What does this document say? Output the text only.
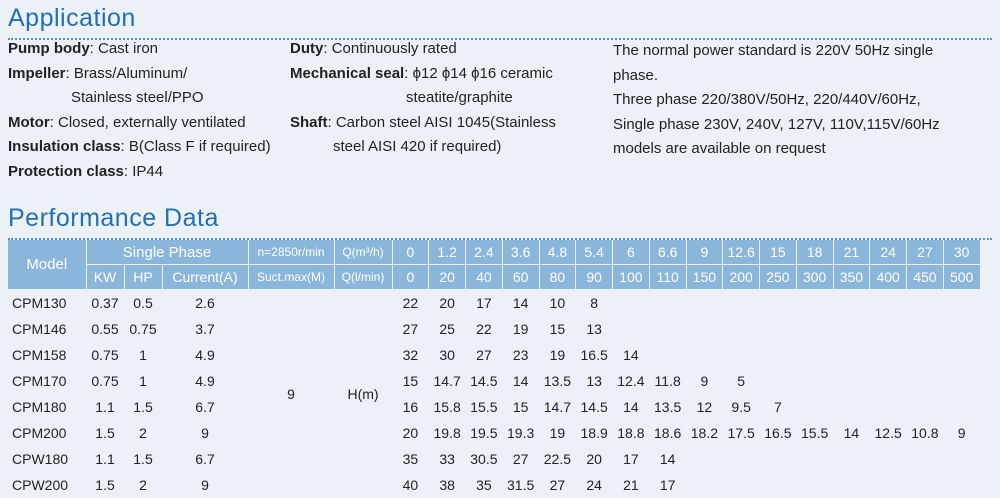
Application
Pump body: Cast iron
Impeller: Brass/Aluminum/
Stainless steel/PPO
Motor: Closed, externally ventilated
Insulation class: B(Class F if required)
Protection class: IP44
Duty: Continuously rated
Mechanical seal: ϕ12 ϕ14 ϕ16 ceramic
steatite/graphite
Shaft: Carbon steel AISI 1045(Stainless
steel AISI 420 if required)
The normal power standard is 220V 50Hz single
phase.
Three phase 220/380V/50Hz, 220/440V/60Hz,
Single phase 230V, 240V, 127V, 110V,115V/60Hz
models are available on request
Performance Data
Model	Single Phase			n=2850r/min	Q(m³/h)	0	1.2	2.4	3.6	4.8	5.4	6	6.6	9	12.6	15	18	21	24	27	30
	KW	HP	Current(A)	Suct.max(M)	Q(l/min)	0	20	40	60	80	90	100	110	150	200	250	300	350	400	450	500
CPM130	0.37	0.5	2.6	9	H(m)	22	20	17	14	10	8										
CPM146	0.55	0.75	3.7			27	25	22	19	15	13										
CPM158	0.75	1	4.9			32	30	27	23	19	16.5	14									
CPM170	0.75	1	4.9			15	14.7	14.5	14	13.5	13	12.4	11.8	9	5						
CPM180	1.1	1.5	6.7			16	15.8	15.5	15	14.7	14.5	14	13.5	12	9.5	7					
CPM200	1.5	2	9			20	19.8	19.5	19.3	19	18.9	18.8	18.6	18.2	17.5	16.5	15.5	14	12.5	10.8	9
CPW180	1.1	1.5	6.7			35	33	30.5	27	22.5	20	17	14								
CPW200	1.5	2	9			40	38	35	31.5	27	24	21	17								
